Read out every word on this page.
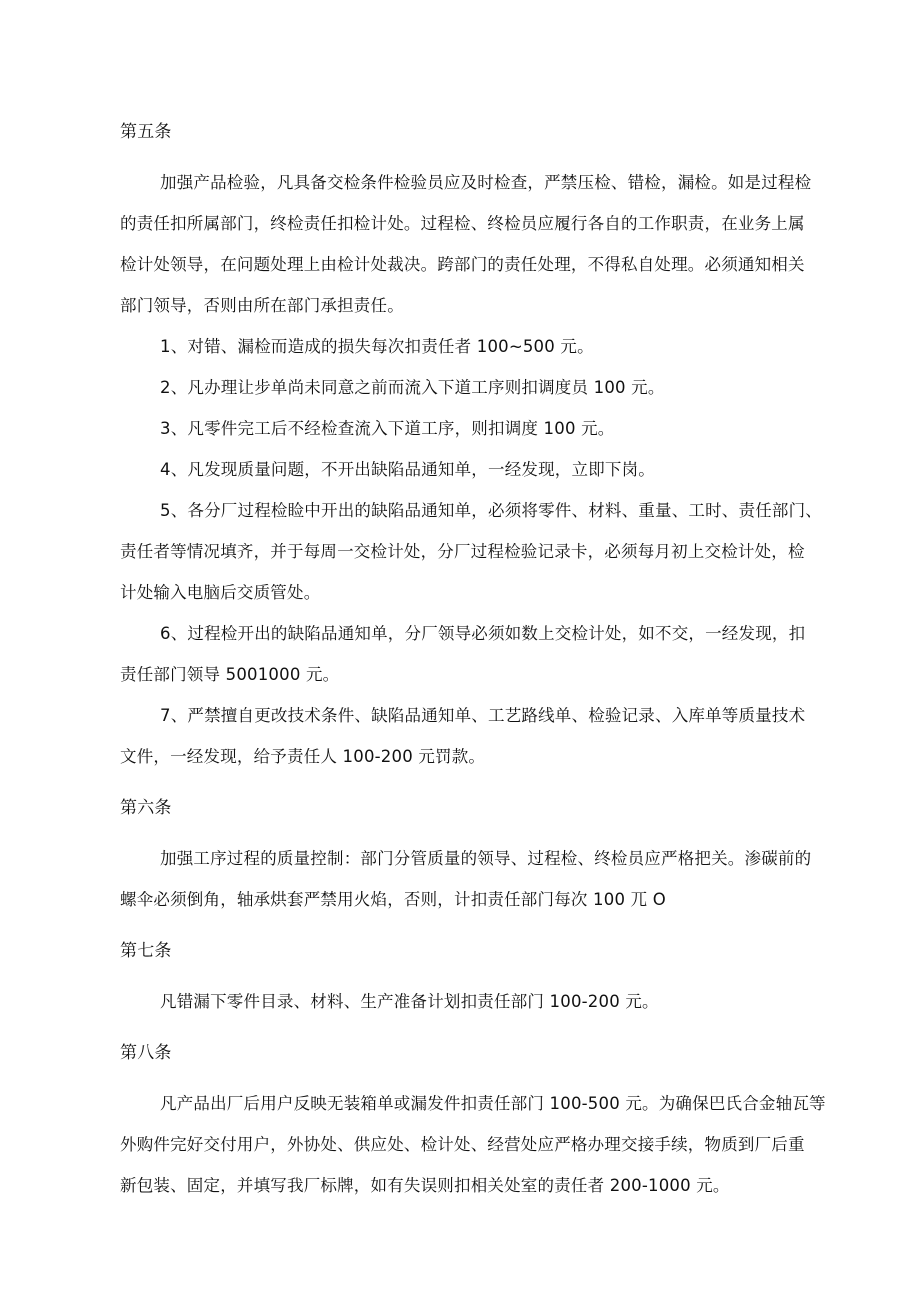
第五条
加强产品检验，凡具备交检条件检验员应及时检查，严禁压检、错检，漏检。如是过程检
的责任扣所属部门，终检责任扣检计处。过程检、终检员应履行各自的工作职责，在业务上属
检计处领导，在问题处理上由检计处裁决。跨部门的责任处理，不得私自处理。必须通知相关
部门领导，否则由所在部门承担责任。
1、对错、漏检而造成的损失每次扣责任者 100~500 元。
2、凡办理让步单尚未同意之前而流入下道工序则扣调度员 100 元。
3、凡零件完工后不经检查流入下道工序，则扣调度 100 元。
4、凡发现质量问题，不开出缺陷品通知单，一经发现，立即下岗。
5、各分厂过程检睑中开出的缺陷品通知单，必须将零件、材料、重量、工时、责任部门、
责任者等情况填齐，并于每周一交检计处，分厂过程检验记录卡，必须每月初上交检计处，检
计处输入电脑后交质管处。
6、过程检开出的缺陷品通知单，分厂领导必须如数上交检计处，如不交，一经发现，扣
责任部门领导 5001000 元。
7、严禁擅自更改技术条件、缺陷品通知单、工艺路线单、检验记录、入库单等质量技术
文件，一经发现，给予责任人 100-200 元罚款。
第六条
加强工序过程的质量控制：部门分管质量的领导、过程检、终检员应严格把关。渗碳前的
螺伞必须倒角，轴承烘套严禁用火焰，否则，计扣责任部门每次 100 兀 O
第七条
凡错漏下零件目录、材料、生产准备计划扣责任部门 100-200 元。
第八条
凡产品出厂后用户反映无装箱单或漏发件扣责任部门 100-500 元。为确保巴氏合金轴瓦等
外购件完好交付用户，外协处、供应处、检计处、经营处应严格办理交接手续，物质到厂后重
新包装、固定，并填写我厂标牌，如有失误则扣相关处室的责任者 200-1000 元。
